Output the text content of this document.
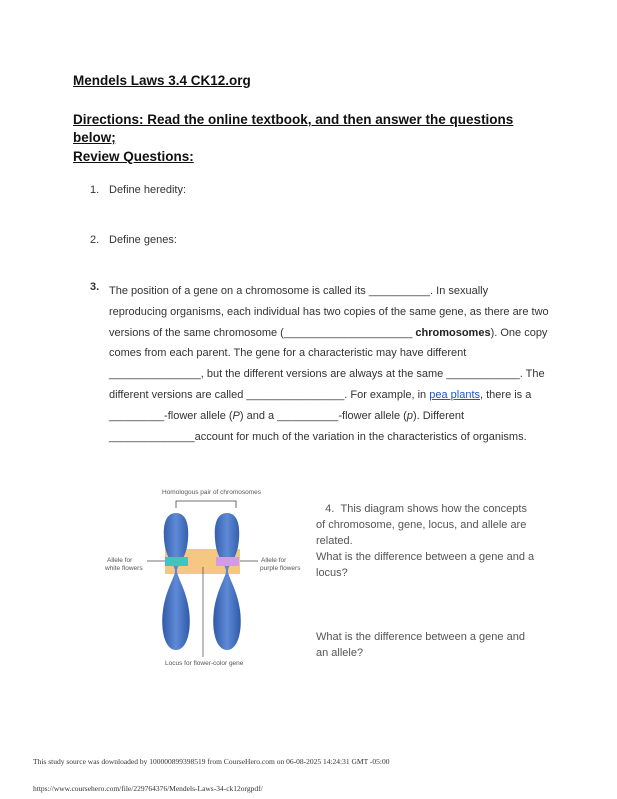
Mendels Laws 3.4 CK12.org
Directions: Read the online textbook, and then answer the questions below;
Review Questions:
1. Define heredity:
2. Define genes:
3. The position of a gene on a chromosome is called its __________. In sexually reproducing organisms, each individual has two copies of the same gene, as there are two versions of the same chromosome (_____________________ chromosomes). One copy comes from each parent. The gene for a characteristic may have different _______________, but the different versions are always at the same ____________. The different versions are called ________________. For example, in pea plants, there is a _________-flower allele (P) and a __________-flower allele (p). Different ______________account for much of the variation in the characteristics of organisms.
Homologous pair of chromosomes
Allele for
white flowers
Allele for
purple flowers
Locus for flower-color gene

4. This diagram shows how the concepts of chromosome, gene, locus, and allele are related.

What is the difference between a gene and a locus?

What is the difference between a gene and an allele?

This study source was downloaded by 100000899398519 from CourseHero.com on 06-08-2025 14:24:31 GMT -05:00
https://www.coursehero.com/file/229764376/Mendels-Laws-34-ck12orgpdf/
